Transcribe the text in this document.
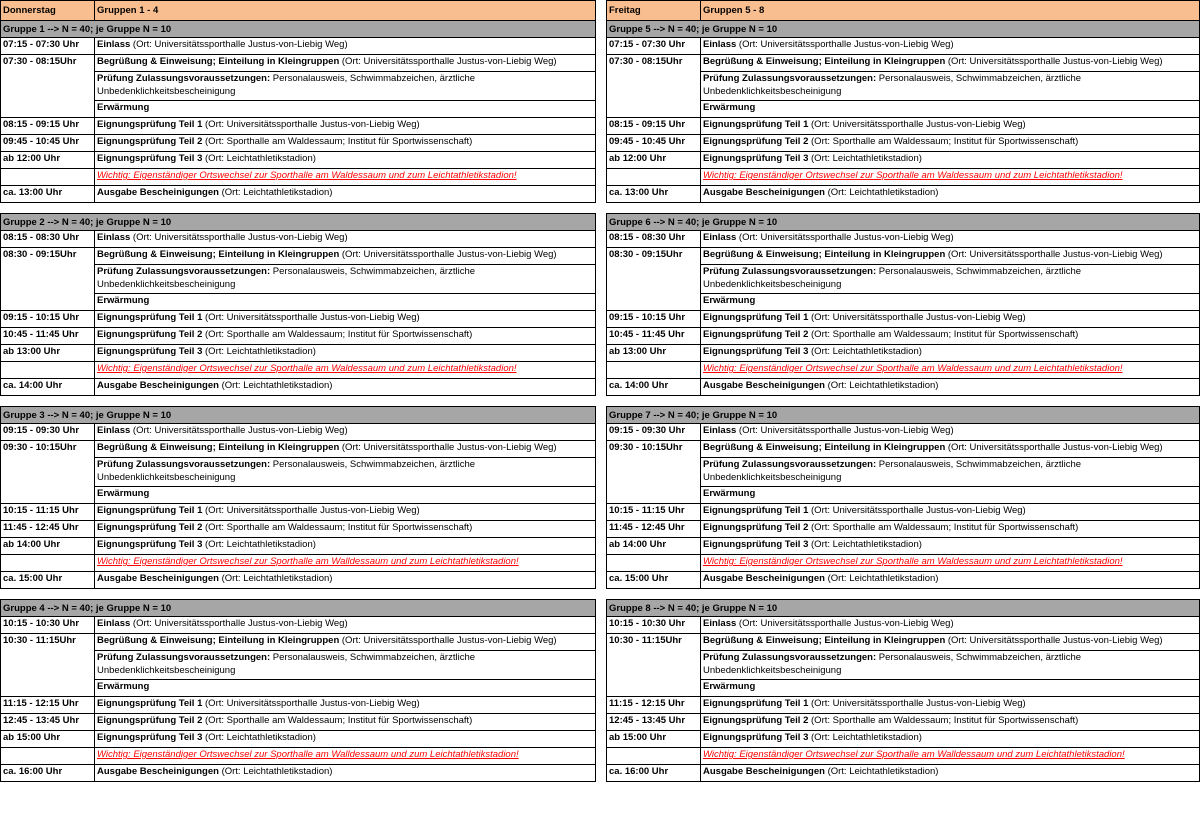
Donnerstag	Gruppen 1 - 4
Gruppe 1 --> N = 40; je Gruppe N = 10	
07:15 - 07:30 Uhr	Einlass (Ort: Universitätssporthalle Justus-von-Liebig Weg)
07:30 - 08:15Uhr	Begrüßung & Einweisung; Einteilung in Kleingruppen (Ort: Universitätssporthalle Justus-von-Liebig Weg)
	Prüfung Zulassungsvoraussetzungen: Personalausweis, Schwimmabzeichen, ärztliche Unbedenklichkeitsbescheinigung
	Erwärmung
08:15 - 09:15 Uhr	Eignungsprüfung Teil 1 (Ort: Universitätssporthalle Justus-von-Liebig Weg)
09:45 - 10:45 Uhr	Eignungsprüfung Teil 2 (Ort: Sporthalle am Waldessaum; Institut für Sportwissenschaft)
ab 12:00 Uhr	Eignungsprüfung Teil 3 (Ort: Leichtathletikstadion)
	Wichtig: Eigenständiger Ortswechsel zur Sporthalle am Waldessaum und zum Leichtathletikstadion!
ca. 13:00 Uhr	Ausgabe Bescheinigungen (Ort: Leichtathletikstadion)

Gruppe 2 --> N = 40; je Gruppe N = 10	
08:15 - 08:30 Uhr	Einlass (Ort: Universitätssporthalle Justus-von-Liebig Weg)
08:30 - 09:15Uhr	Begrüßung & Einweisung; Einteilung in Kleingruppen (Ort: Universitätssporthalle Justus-von-Liebig Weg)
	Prüfung Zulassungsvoraussetzungen: Personalausweis, Schwimmabzeichen, ärztliche Unbedenklichkeitsbescheinigung
	Erwärmung
09:15 - 10:15 Uhr	Eignungsprüfung Teil 1 (Ort: Universitätssporthalle Justus-von-Liebig Weg)
10:45 - 11:45 Uhr	Eignungsprüfung Teil 2 (Ort: Sporthalle am Waldessaum; Institut für Sportwissenschaft)
ab 13:00 Uhr	Eignungsprüfung Teil 3 (Ort: Leichtathletikstadion)
	Wichtig: Eigenständiger Ortswechsel zur Sporthalle am Waldessaum und zum Leichtathletikstadion!
ca. 14:00 Uhr	Ausgabe Bescheinigungen (Ort: Leichtathletikstadion)

Gruppe 3 --> N = 40; je Gruppe N = 10	
09:15 - 09:30 Uhr	Einlass (Ort: Universitätssporthalle Justus-von-Liebig Weg)
09:30 - 10:15Uhr	Begrüßung & Einweisung; Einteilung in Kleingruppen (Ort: Universitätssporthalle Justus-von-Liebig Weg)
	Prüfung Zulassungsvoraussetzungen: Personalausweis, Schwimmabzeichen, ärztliche Unbedenklichkeitsbescheinigung
	Erwärmung
10:15 - 11:15 Uhr	Eignungsprüfung Teil 1 (Ort: Universitätssporthalle Justus-von-Liebig Weg)
11:45 - 12:45 Uhr	Eignungsprüfung Teil 2 (Ort: Sporthalle am Waldessaum; Institut für Sportwissenschaft)
ab 14:00 Uhr	Eignungsprüfung Teil 3 (Ort: Leichtathletikstadion)
	Wichtig: Eigenständiger Ortswechsel zur Sporthalle am Walldessaum und zum Leichtathletikstadion!
ca. 15:00 Uhr	Ausgabe Bescheinigungen (Ort: Leichtathletikstadion)

Gruppe 4 --> N = 40; je Gruppe N = 10	
10:15 - 10:30 Uhr	Einlass (Ort: Universitätssporthalle Justus-von-Liebig Weg)
10:30 - 11:15Uhr	Begrüßung & Einweisung; Einteilung in Kleingruppen (Ort: Universitätssporthalle Justus-von-Liebig Weg)
	Prüfung Zulassungsvoraussetzungen: Personalausweis, Schwimmabzeichen, ärztliche Unbedenklichkeitsbescheinigung
	Erwärmung
11:15 - 12:15 Uhr	Eignungsprüfung Teil 1 (Ort: Universitätssporthalle Justus-von-Liebig Weg)
12:45 - 13:45 Uhr	Eignungsprüfung Teil 2 (Ort: Sporthalle am Waldessaum; Institut für Sportwissenschaft)
ab 15:00 Uhr	Eignungsprüfung Teil 3 (Ort: Leichtathletikstadion)
	Wichtig: Eigenständiger Ortswechsel zur Sporthalle am Walldessaum und zum Leichtathletikstadion!
ca. 16:00 Uhr	Ausgabe Bescheinigungen (Ort: Leichtathletikstadion)
Freitag	Gruppen 5 - 8
Gruppe 5 --> N = 40; je Gruppe N = 10	
07:15 - 07:30 Uhr	Einlass (Ort: Universitätssporthalle Justus-von-Liebig Weg)
07:30 - 08:15Uhr	Begrüßung & Einweisung; Einteilung in Kleingruppen (Ort: Universitätssporthalle Justus-von-Liebig Weg)
	Prüfung Zulassungsvoraussetzungen: Personalausweis, Schwimmabzeichen, ärztliche Unbedenklichkeitsbescheinigung
	Erwärmung
08:15 - 09:15 Uhr	Eignungsprüfung Teil 1 (Ort: Universitätssporthalle Justus-von-Liebig Weg)
09:45 - 10:45 Uhr	Eignungsprüfung Teil 2 (Ort: Sporthalle am Waldessaum; Institut für Sportwissenschaft)
ab 12:00 Uhr	Eignungsprüfung Teil 3 (Ort: Leichtathletikstadion)
	Wichtig: Eigenständiger Ortswechsel zur Sporthalle am Waldessaum und zum Leichtathletikstadion!
ca. 13:00 Uhr	Ausgabe Bescheinigungen (Ort: Leichtathletikstadion)

Gruppe 6 --> N = 40; je Gruppe N = 10	
08:15 - 08:30 Uhr	Einlass (Ort: Universitätssporthalle Justus-von-Liebig Weg)
08:30 - 09:15Uhr	Begrüßung & Einweisung; Einteilung in Kleingruppen (Ort: Universitätssporthalle Justus-von-Liebig Weg)
	Prüfung Zulassungsvoraussetzungen: Personalausweis, Schwimmabzeichen, ärztliche Unbedenklichkeitsbescheinigung
	Erwärmung
09:15 - 10:15 Uhr	Eignungsprüfung Teil 1 (Ort: Universitätssporthalle Justus-von-Liebig Weg)
10:45 - 11:45 Uhr	Eignungsprüfung Teil 2 (Ort: Sporthalle am Waldessaum; Institut für Sportwissenschaft)
ab 13:00 Uhr	Eignungsprüfung Teil 3 (Ort: Leichtathletikstadion)
	Wichtig: Eigenständiger Ortswechsel zur Sporthalle am Waldessaum und zum Leichtathletikstadion!
ca. 14:00 Uhr	Ausgabe Bescheinigungen (Ort: Leichtathletikstadion)

Gruppe 7 --> N = 40; je Gruppe N = 10	
09:15 - 09:30 Uhr	Einlass (Ort: Universitätssporthalle Justus-von-Liebig Weg)
09:30 - 10:15Uhr	Begrüßung & Einweisung; Einteilung in Kleingruppen (Ort: Universitätssporthalle Justus-von-Liebig Weg)
	Prüfung Zulassungsvoraussetzungen: Personalausweis, Schwimmabzeichen, ärztliche Unbedenklichkeitsbescheinigung
	Erwärmung
10:15 - 11:15 Uhr	Eignungsprüfung Teil 1 (Ort: Universitätssporthalle Justus-von-Liebig Weg)
11:45 - 12:45 Uhr	Eignungsprüfung Teil 2 (Ort: Sporthalle am Waldessaum; Institut für Sportwissenschaft)
ab 14:00 Uhr	Eignungsprüfung Teil 3 (Ort: Leichtathletikstadion)
	Wichtig: Eigenständiger Ortswechsel zur Sporthalle am Waldessaum und zum Leichtathletikstadion!
ca. 15:00 Uhr	Ausgabe Bescheinigungen (Ort: Leichtathletikstadion)

Gruppe 8 --> N = 40; je Gruppe N = 10	
10:15 - 10:30 Uhr	Einlass (Ort: Universitätssporthalle Justus-von-Liebig Weg)
10:30 - 11:15Uhr	Begrüßung & Einweisung; Einteilung in Kleingruppen (Ort: Universitätssporthalle Justus-von-Liebig Weg)
	Prüfung Zulassungsvoraussetzungen: Personalausweis, Schwimmabzeichen, ärztliche Unbedenklichkeitsbescheinigung
	Erwärmung
11:15 - 12:15 Uhr	Eignungsprüfung Teil 1 (Ort: Universitätssporthalle Justus-von-Liebig Weg)
12:45 - 13:45 Uhr	Eignungsprüfung Teil 2 (Ort: Sporthalle am Waldessaum; Institut für Sportwissenschaft)
ab 15:00 Uhr	Eignungsprüfung Teil 3 (Ort: Leichtathletikstadion)
	Wichtig: Eigenständiger Ortswechsel zur Sporthalle am Walldessaum und zum Leichtathletikstadion!
ca. 16:00 Uhr	Ausgabe Bescheinigungen (Ort: Leichtathletikstadion)
